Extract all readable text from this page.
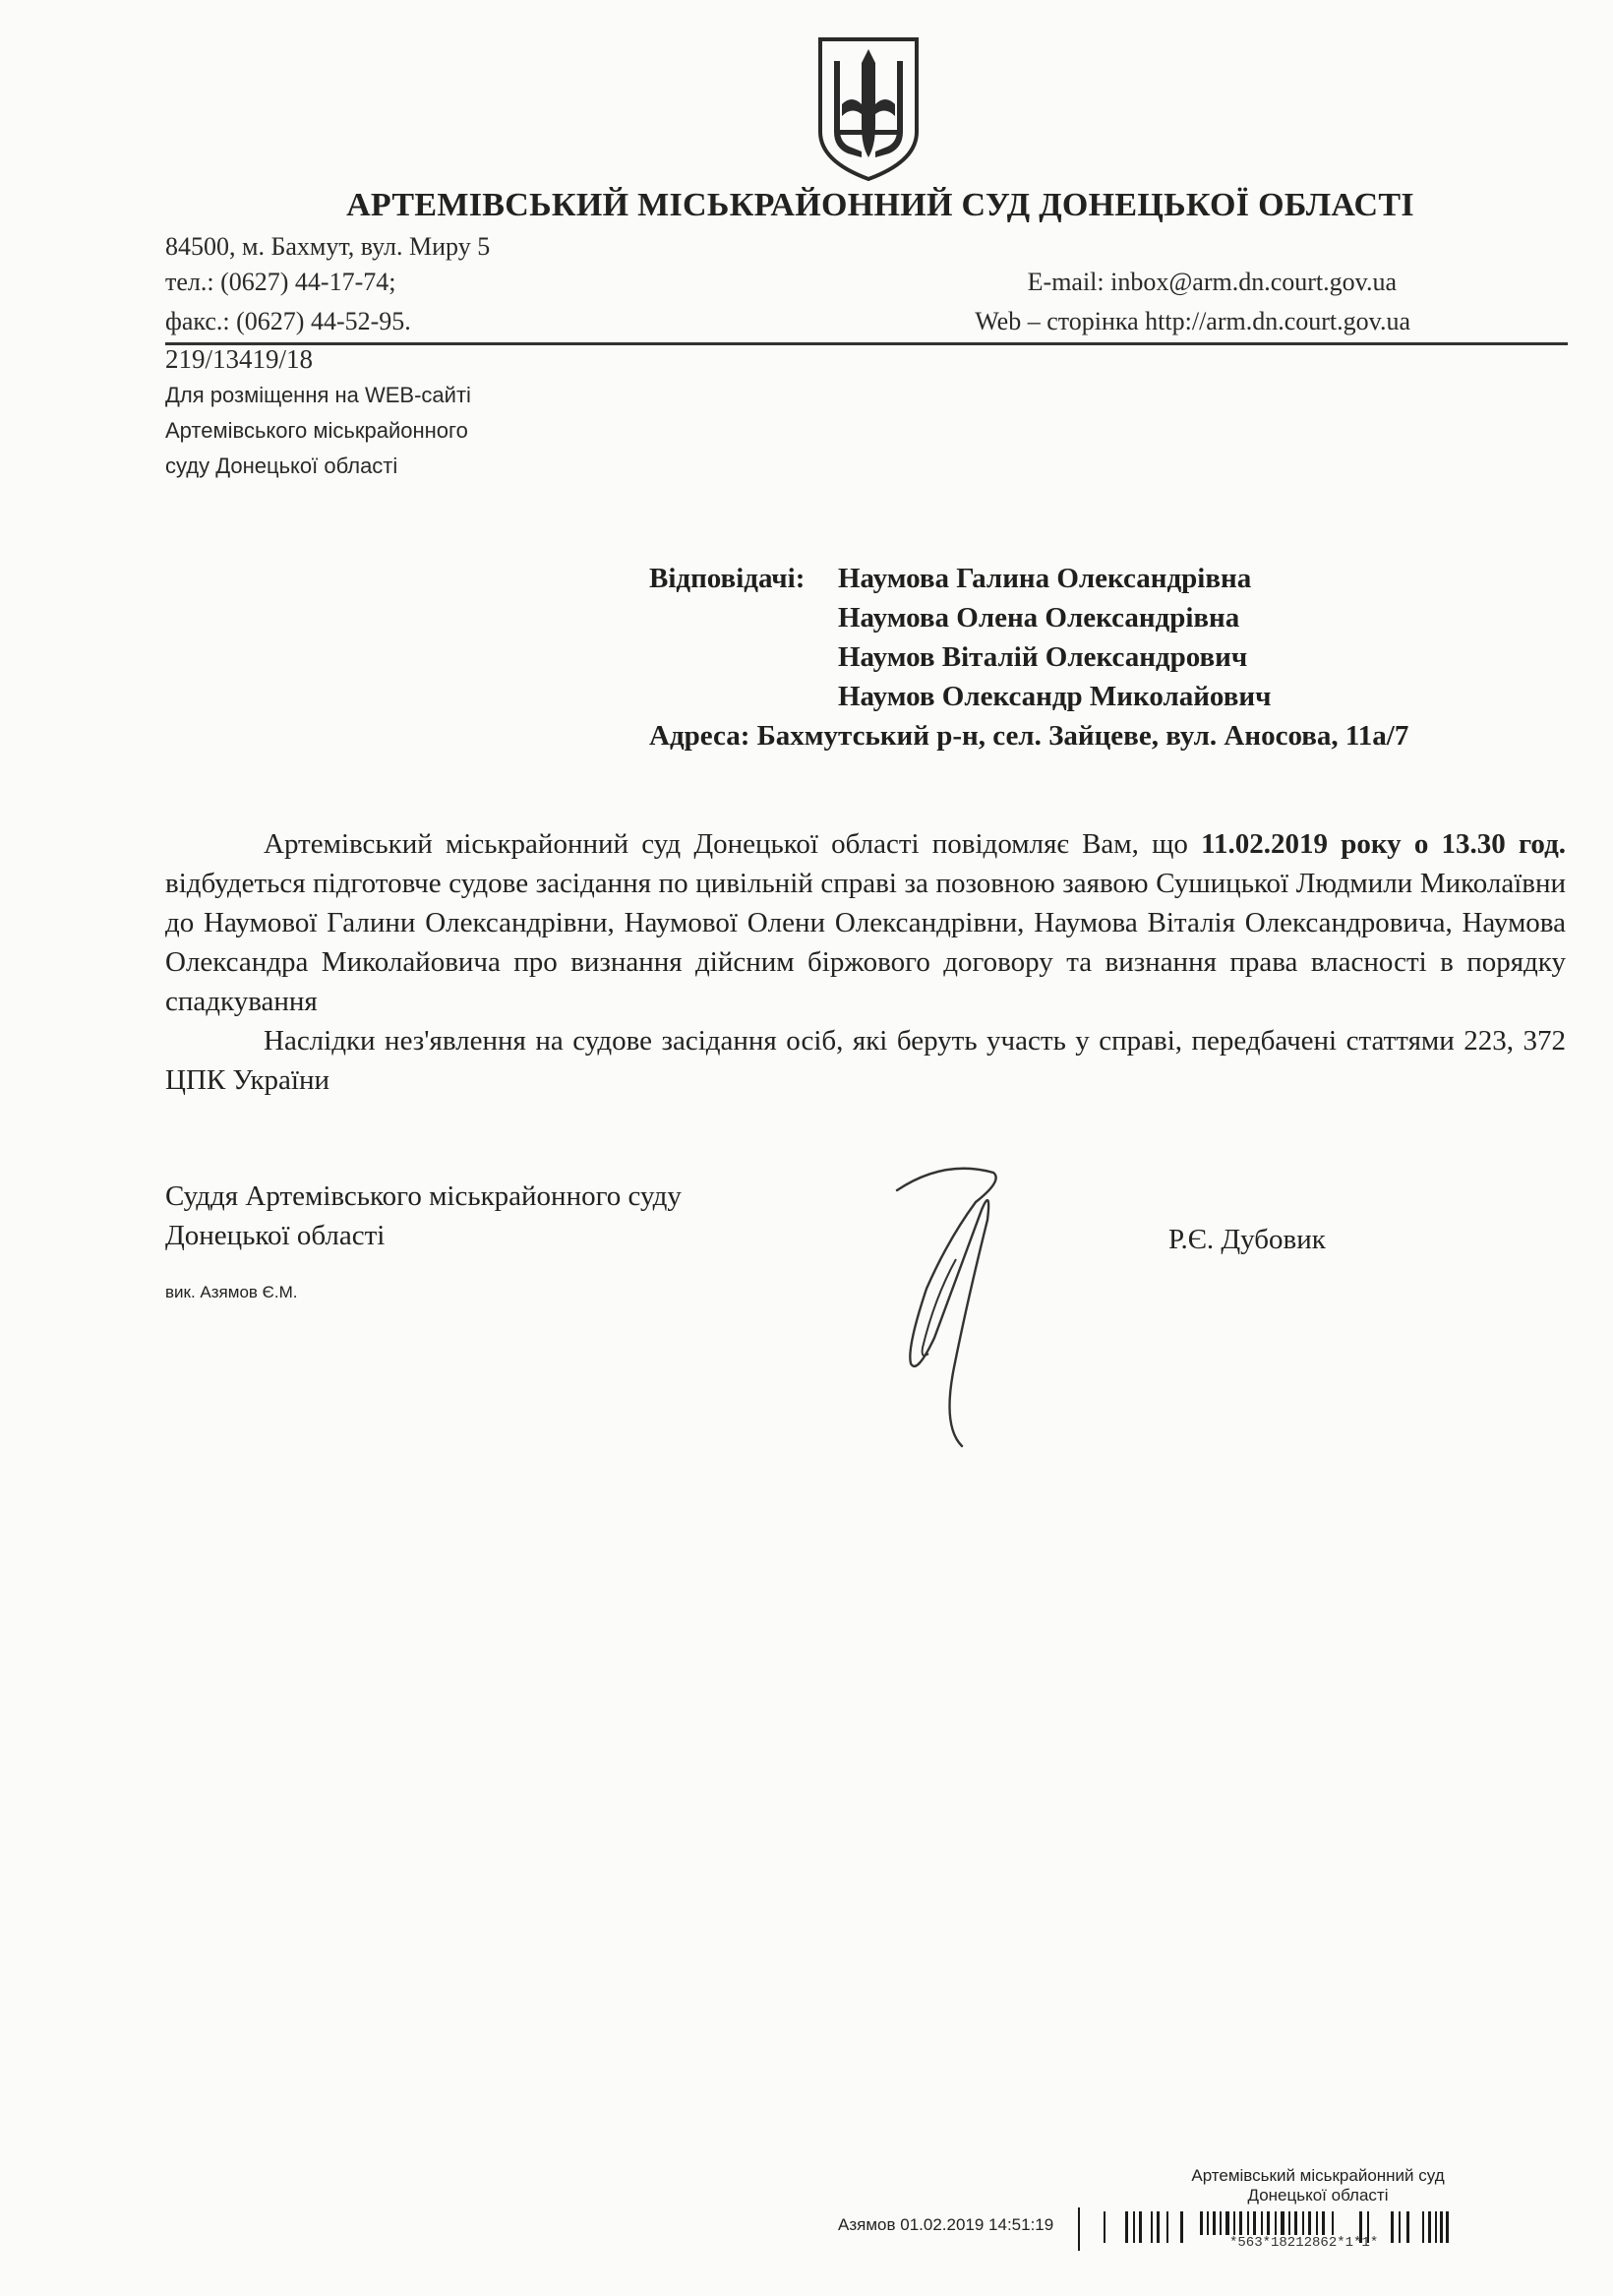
АРТЕМІВСЬКИЙ МІСЬКРАЙОННИЙ СУД ДОНЕЦЬКОЇ ОБЛАСТІ
84500, м. Бахмут, вул. Миру 5
тел.: (0627) 44-17-74;
факс.: (0627) 44-52-95.
E-mail: inbox@arm.dn.court.gov.ua
Web – сторінка http://arm.dn.court.gov.ua
219/13419/18
Для розміщення на WEB-сайті
Артемівського міськрайонного
суду Донецької області
Відповідачі: Наумова Галина Олександрівна
Наумова Олена Олександрівна
Наумов Віталій Олександрович
Наумов Олександр Миколайович
Адреса: Бахмутський р-н, сел. Зайцеве, вул. Аносова, 11а/7

Артемівський міськрайонний суд Донецької області повідомляє Вам, що 11.02.2019 року о 13.30 год. відбудеться підготовче судове засідання по цивільній справі за позовною заявою Сушицької Людмили Миколаївни до Наумової Галини Олександрівни, Наумової Олени Олександрівни, Наумова Віталія Олександровича, Наумова Олександра Миколайовича про визнання дійсним біржового договору та визнання права власності в порядку спадкування

Наслідки нез'явлення на судове засідання осіб, які беруть участь у справі, передбачені статтями 223, 372 ЦПК України

Суддя Артемівського міськрайонного суду
Донецької області	Р.Є. Дубовик
вик. Азямов Є.М.
Артемівський міськрайонний суд
Донецької області
Азямов 01.02.2019 14:51:19
*563*18212862*1*1*
